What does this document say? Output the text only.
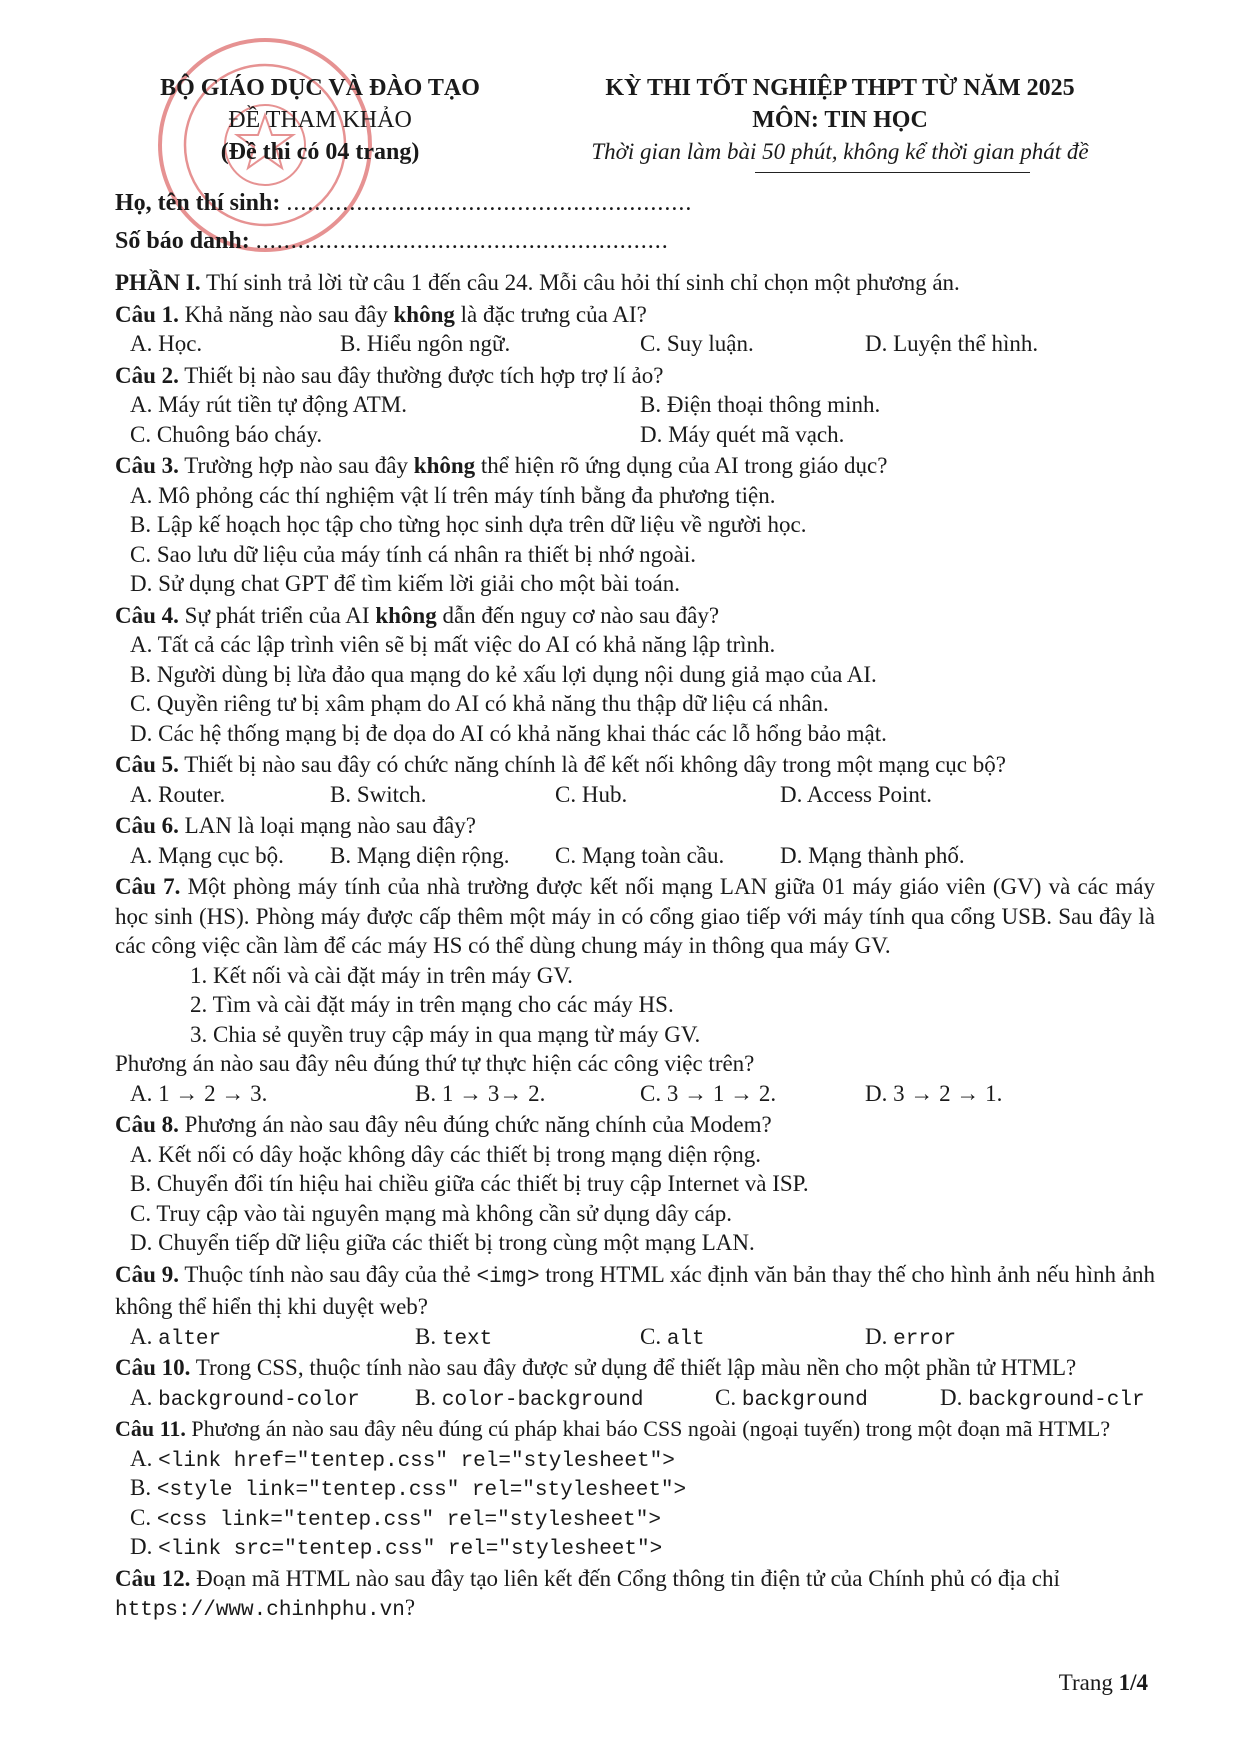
BỘ GIÁO DỤC VÀ ĐÀO TẠO
ĐỀ THAM KHẢO
(Đề thi có 04 trang)
KỲ THI TỐT NGHIỆP THPT TỪ NĂM 2025
MÔN: TIN HỌC
Thời gian làm bài 50 phút, không kể thời gian phát đề
Họ, tên thí sinh: ..........................................................
Số báo danh: ...........................................................
PHẦN I. Thí sinh trả lời từ câu 1 đến câu 24. Mỗi câu hỏi thí sinh chỉ chọn một phương án.
Câu 1. Khả năng nào sau đây không là đặc trưng của AI?
A. Học.	B. Hiểu ngôn ngữ.	C. Suy luận.	D. Luyện thể hình.
Câu 2. Thiết bị nào sau đây thường được tích hợp trợ lí ảo?
A. Máy rút tiền tự động ATM.	B. Điện thoại thông minh.
C. Chuông báo cháy.	D. Máy quét mã vạch.
Câu 3. Trường hợp nào sau đây không thể hiện rõ ứng dụng của AI trong giáo dục?
A. Mô phỏng các thí nghiệm vật lí trên máy tính bằng đa phương tiện.
B. Lập kế hoạch học tập cho từng học sinh dựa trên dữ liệu về người học.
C. Sao lưu dữ liệu của máy tính cá nhân ra thiết bị nhớ ngoài.
D. Sử dụng chat GPT để tìm kiếm lời giải cho một bài toán.
Câu 4. Sự phát triển của AI không dẫn đến nguy cơ nào sau đây?
A. Tất cả các lập trình viên sẽ bị mất việc do AI có khả năng lập trình.
B. Người dùng bị lừa đảo qua mạng do kẻ xấu lợi dụng nội dung giả mạo của AI.
C. Quyền riêng tư bị xâm phạm do AI có khả năng thu thập dữ liệu cá nhân.
D. Các hệ thống mạng bị đe dọa do AI có khả năng khai thác các lỗ hổng bảo mật.
Câu 5. Thiết bị nào sau đây có chức năng chính là để kết nối không dây trong một mạng cục bộ?
A. Router.	B. Switch.	C. Hub.	D. Access Point.
Câu 6. LAN là loại mạng nào sau đây?
A. Mạng cục bộ.	B. Mạng diện rộng.	C. Mạng toàn cầu.	D. Mạng thành phố.
Câu 7. Một phòng máy tính của nhà trường được kết nối mạng LAN giữa 01 máy giáo viên (GV) và các máy học sinh (HS). Phòng máy được cấp thêm một máy in có cổng giao tiếp với máy tính qua cổng USB. Sau đây là các công việc cần làm để các máy HS có thể dùng chung máy in thông qua máy GV.
1. Kết nối và cài đặt máy in trên máy GV.
2. Tìm và cài đặt máy in trên mạng cho các máy HS.
3. Chia sẻ quyền truy cập máy in qua mạng từ máy GV.
Phương án nào sau đây nêu đúng thứ tự thực hiện các công việc trên?
A. 1 → 2 → 3.	B. 1 → 3→ 2.	C. 3 → 1 → 2.	D. 3 → 2 → 1.
Câu 8. Phương án nào sau đây nêu đúng chức năng chính của Modem?
A. Kết nối có dây hoặc không dây các thiết bị trong mạng diện rộng.
B. Chuyển đổi tín hiệu hai chiều giữa các thiết bị truy cập Internet và ISP.
C. Truy cập vào tài nguyên mạng mà không cần sử dụng dây cáp.
D. Chuyển tiếp dữ liệu giữa các thiết bị trong cùng một mạng LAN.
Câu 9. Thuộc tính nào sau đây của thẻ <img> trong HTML xác định văn bản thay thế cho hình ảnh nếu hình ảnh không thể hiển thị khi duyệt web?
A. alter	B. text	C. alt	D. error
Câu 10. Trong CSS, thuộc tính nào sau đây được sử dụng để thiết lập màu nền cho một phần tử HTML?
A. background-color	B. color-background	C. background	D. background-clr
Câu 11. Phương án nào sau đây nêu đúng cú pháp khai báo CSS ngoài (ngoại tuyến) trong một đoạn mã HTML?
A. <link href="tentep.css" rel="stylesheet">
B. <style link="tentep.css" rel="stylesheet">
C. <css link="tentep.css" rel="stylesheet">
D. <link src="tentep.css" rel="stylesheet">
Câu 12. Đoạn mã HTML nào sau đây tạo liên kết đến Cổng thông tin điện tử của Chính phủ có địa chỉ
https://www.chinhphu.vn?
Trang 1/4
